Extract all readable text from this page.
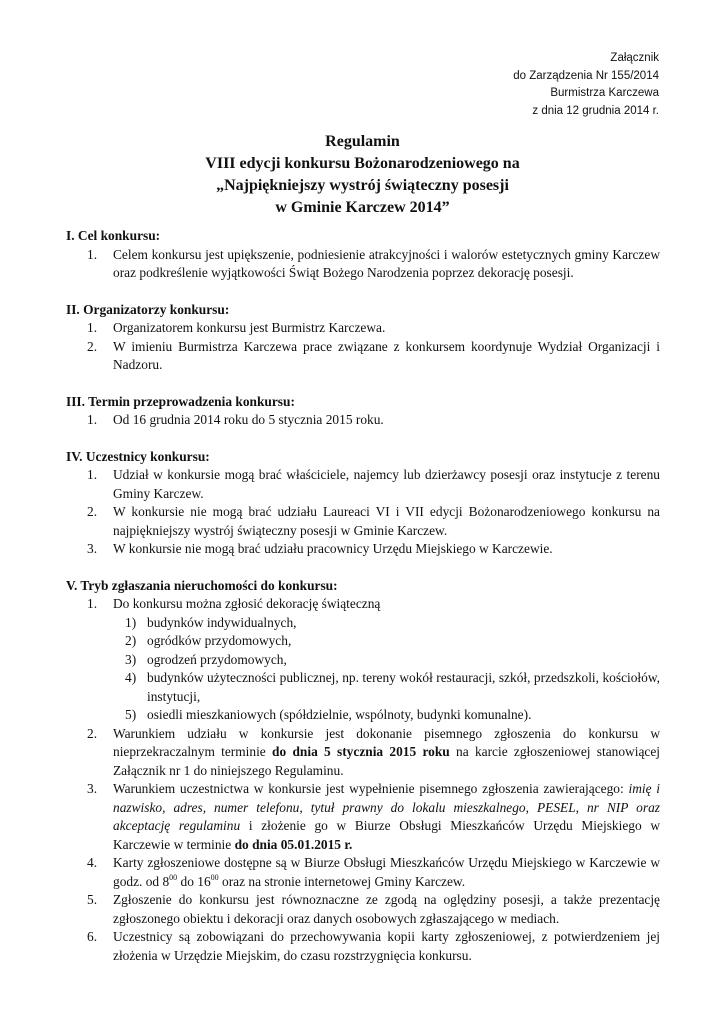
Załącznik
do Zarządzenia Nr 155/2014
Burmistrza Karczewa
z dnia 12 grudnia 2014 r.
Regulamin
VIII edycji konkursu Bożonarodzeniowego na
„Najpiękniejszy wystrój świąteczny posesji
w Gminie Karczew 2014”

I. Cel konkursu:

1. Celem konkursu jest upiększenie, podniesienie atrakcyjności i walorów estetycznych gminy Karczew oraz podkreślenie wyjątkowości Świąt Bożego Narodzenia poprzez dekorację posesji.

II. Organizatorzy konkursu:

1. Organizatorem konkursu jest Burmistrz Karczewa.
2. W imieniu Burmistrza Karczewa prace związane z konkursem koordynuje Wydział Organizacji i Nadzoru.

III. Termin przeprowadzenia konkursu:

1. Od 16 grudnia 2014 roku do 5 stycznia 2015 roku.

IV. Uczestnicy konkursu:

1. Udział w konkursie mogą brać właściciele, najemcy lub dzierżawcy posesji oraz instytucje z terenu Gminy Karczew.
2. W konkursie nie mogą brać udziału Laureaci VI i VII edycji Bożonarodzeniowego konkursu na najpiękniejszy wystrój świąteczny posesji w Gminie Karczew.
3. W konkursie nie mogą brać udziału pracownicy Urzędu Miejskiego w Karczewie.

V. Tryb zgłaszania nieruchomości do konkursu:

1. Do konkursu można zgłosić dekorację świąteczną
1) budynków indywidualnych,
2) ogródków przydomowych,
3) ogrodzeń przydomowych,
4) budynków użyteczności publicznej, np. tereny wokół restauracji, szkół, przedszkoli, kościołów, instytucji,
5) osiedli mieszkaniowych (spółdzielnie, wspólnoty, budynki komunalne).
2. Warunkiem udziału w konkursie jest dokonanie pisemnego zgłoszenia do konkursu w nieprzekraczalnym terminie do dnia 5 stycznia 2015 roku na karcie zgłoszeniowej stanowiącej Załącznik nr 1 do niniejszego Regulaminu.
3. Warunkiem uczestnictwa w konkursie jest wypełnienie pisemnego zgłoszenia zawierającego: imię i nazwisko, adres, numer telefonu, tytuł prawny do lokalu mieszkalnego, PESEL, nr NIP oraz akceptację regulaminu i złożenie go w Biurze Obsługi Mieszkańców Urzędu Miejskiego w Karczewie w terminie do dnia 05.01.2015 r.
4. Karty zgłoszeniowe dostępne są w Biurze Obsługi Mieszkańców Urzędu Miejskiego w Karczewie w godz. od $8^{00}$ do $16^{00}$ oraz na stronie internetowej Gminy Karczew.
5. Zgłoszenie do konkursu jest równoznaczne ze zgodą na oględziny posesji, a także prezentację zgłoszonego obiektu i dekoracji oraz danych osobowych zgłaszającego w mediach.
6. Uczestnicy są zobowiązani do przechowywania kopii karty zgłoszeniowej, z potwierdzeniem jej złożenia w Urzędzie Miejskim, do czasu rozstrzygnięcia konkursu.
